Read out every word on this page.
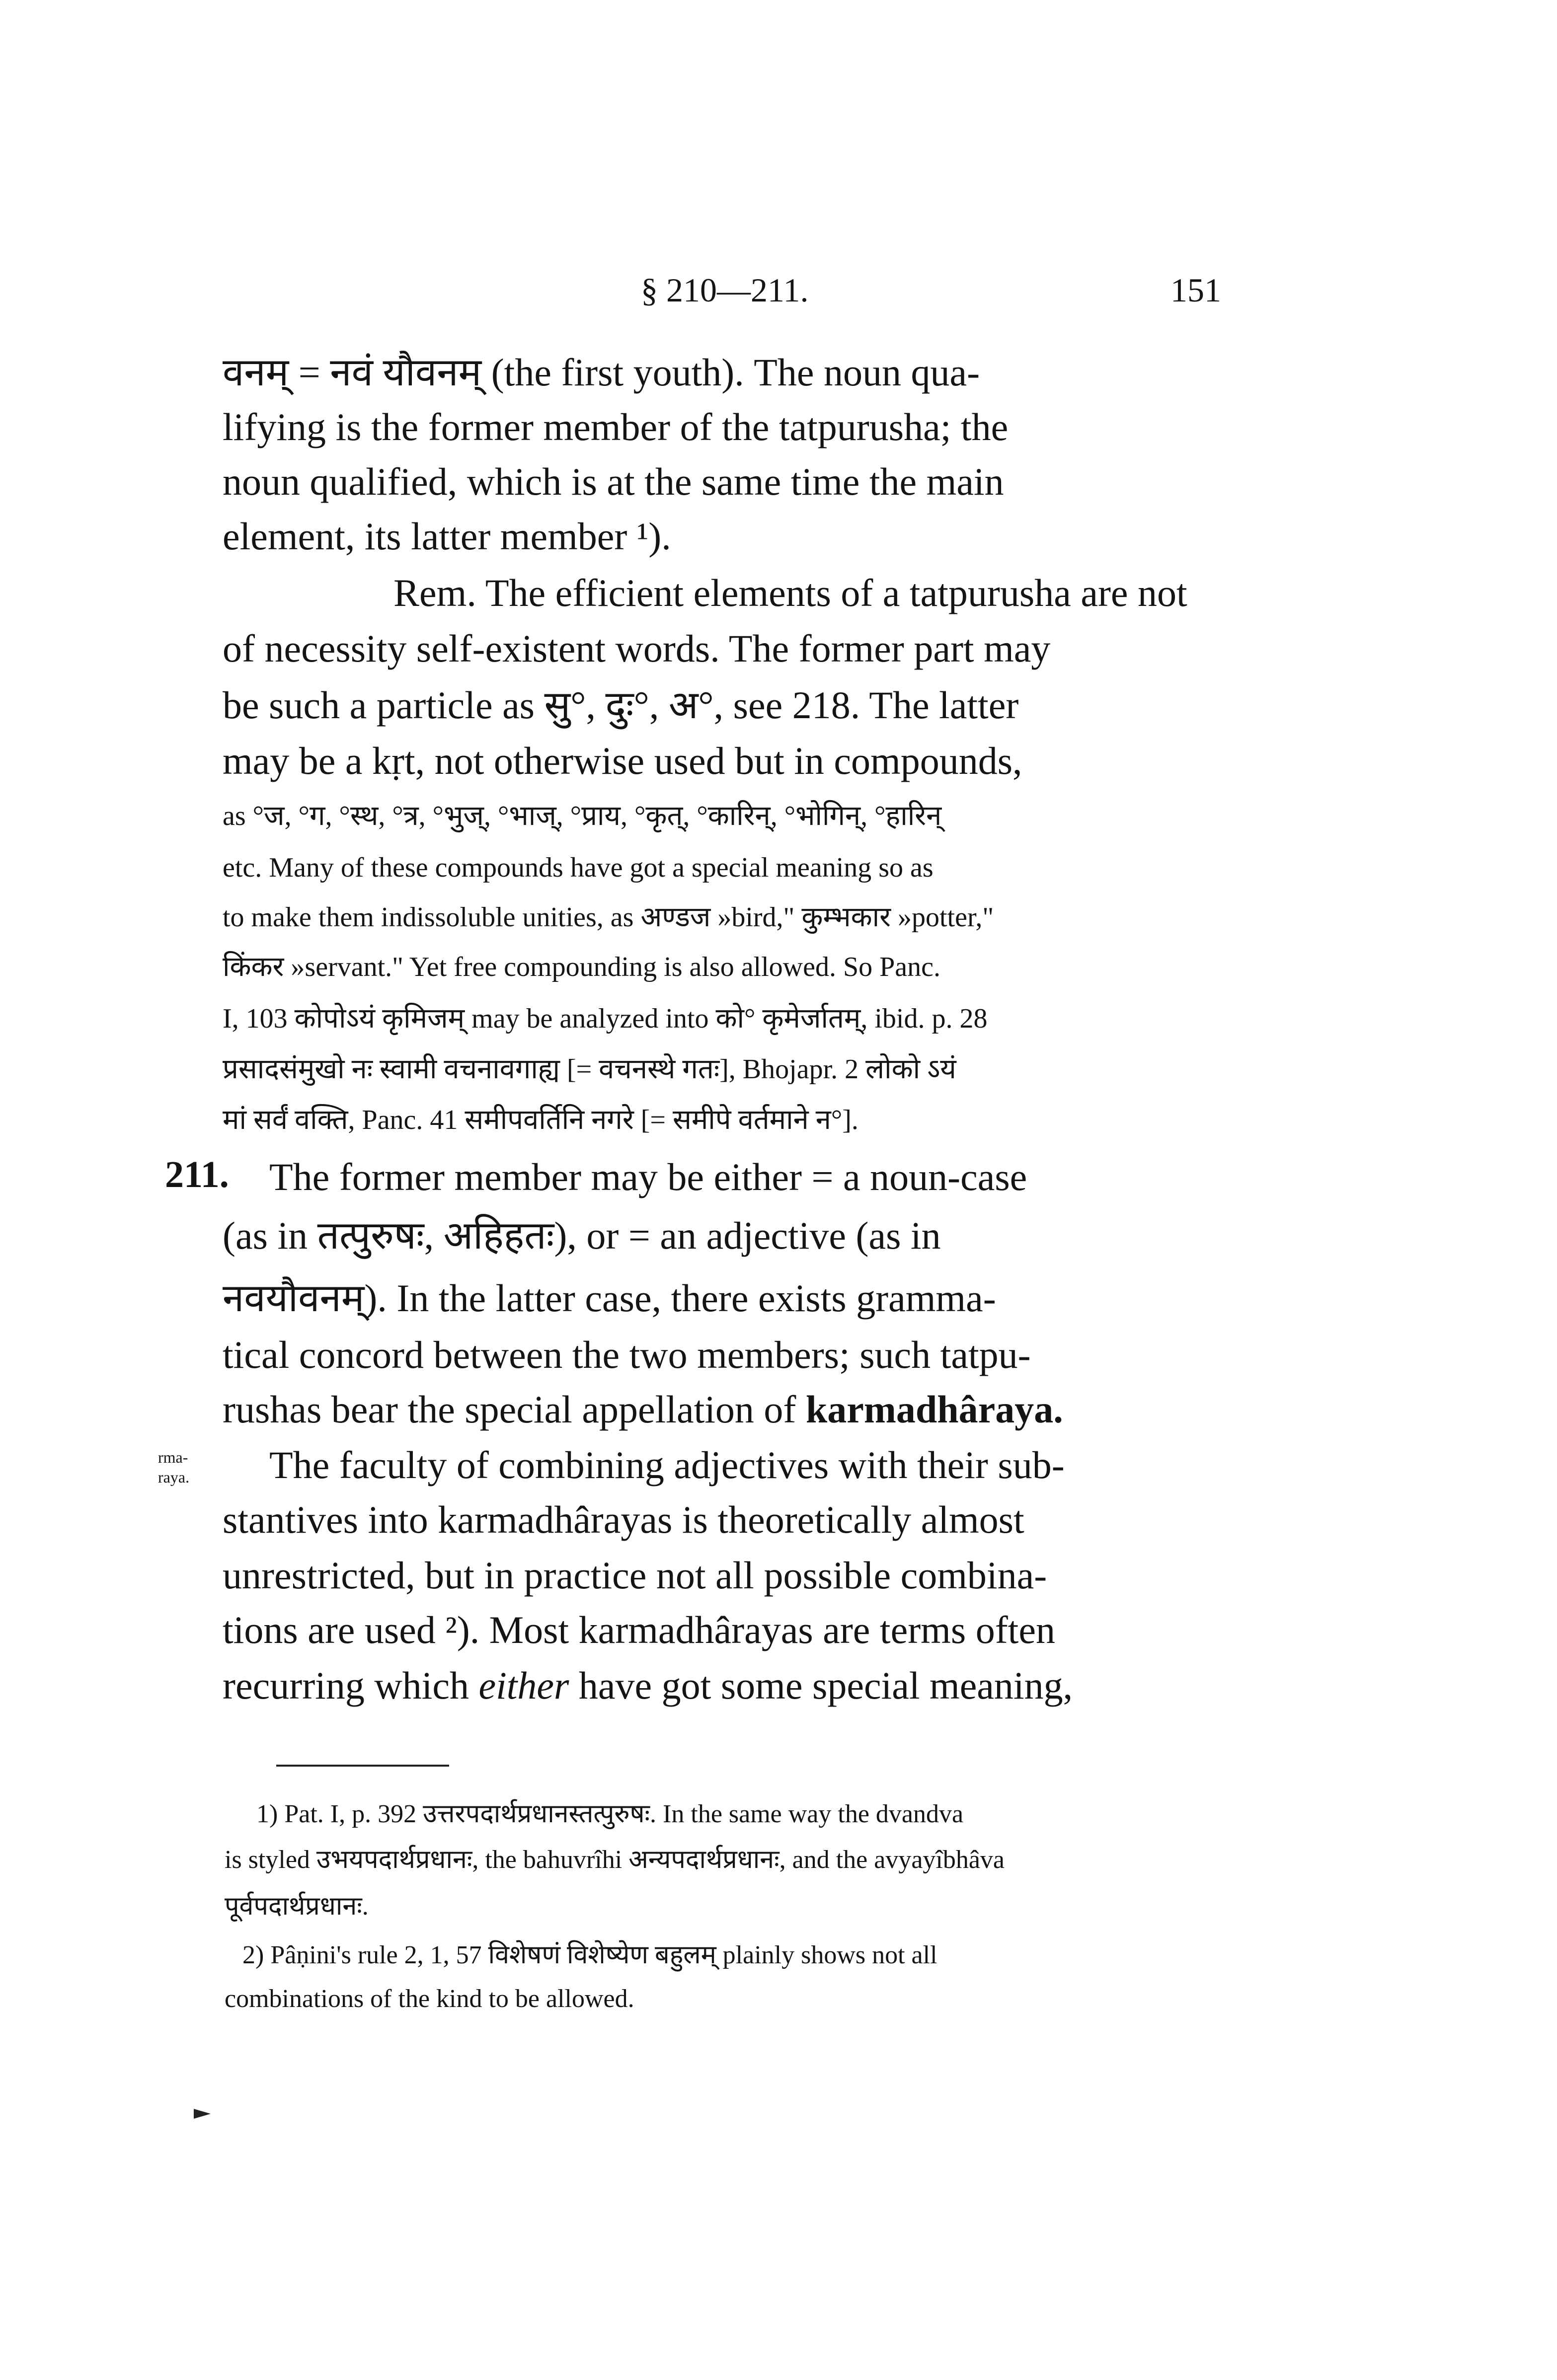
§ 210—211.	151
वनम् = नवं यौवनम् (the first youth). The noun qua-
lifying is the former member of the tatpurusha; the
noun qualified, which is at the same time the main
element, its latter member ¹).
Rem. The efficient elements of a tatpurusha are not
of necessity self-existent words. The former part may
be such a particle as सु°, दुः°, अ°, see 218. The latter
may be a kṛt, not otherwise used but in compounds,
as °ज, °ग, °स्थ, °त्र, °भुज्, °भाज्, °प्राय, °कृत्, °कारिन्, °भोगिन्, °हारिन्
etc. Many of these compounds have got a special meaning so as
to make them indissoluble unities, as अण्डज »bird," कुम्भकार »potter,"
किंकर »servant." Yet free compounding is also allowed. So Panc.
I, 103 कोपोऽयं कृमिजम् may be analyzed into को° कृमेर्जातम्, ibid. p. 28
प्रसादसंमुखो नः स्वामी वचनावगाह्य [= वचनस्थे गतः], Bhojapr. 2 लोको ऽयं
मां सर्वं वक्ति, Panc. 41 समीपवर्तिनि नगरे [= समीपे वर्तमाने न°].
211. The former member may be either = a noun-case
(as in तत्पुरुषः, अहिहतः), or = an adjective (as in
नवयौवनम्). In the latter case, there exists gramma-
tical concord between the two members; such tatpu-
rushas bear the special appellation of karmadhâraya.
rma-
raya. The faculty of combining adjectives with their sub-
stantives into karmadhârayas is theoretically almost
unrestricted, but in practice not all possible combina-
tions are used ²). Most karmadhârayas are terms often
recurring which either have got some special meaning,
1) Pat. I, p. 392 उत्तरपदार्थप्रधानस्तत्पुरुषः. In the same way the dvandva
is styled उभयपदार्थप्रधानः, the bahuvrîhi अन्यपदार्थप्रधानः, and the avyayîbhâva
पूर्वपदार्थप्रधानः.
2) Pâṇini's rule 2, 1, 57 विशेषणं विशेष्येण बहुलम् plainly shows not all
combinations of the kind to be allowed.
